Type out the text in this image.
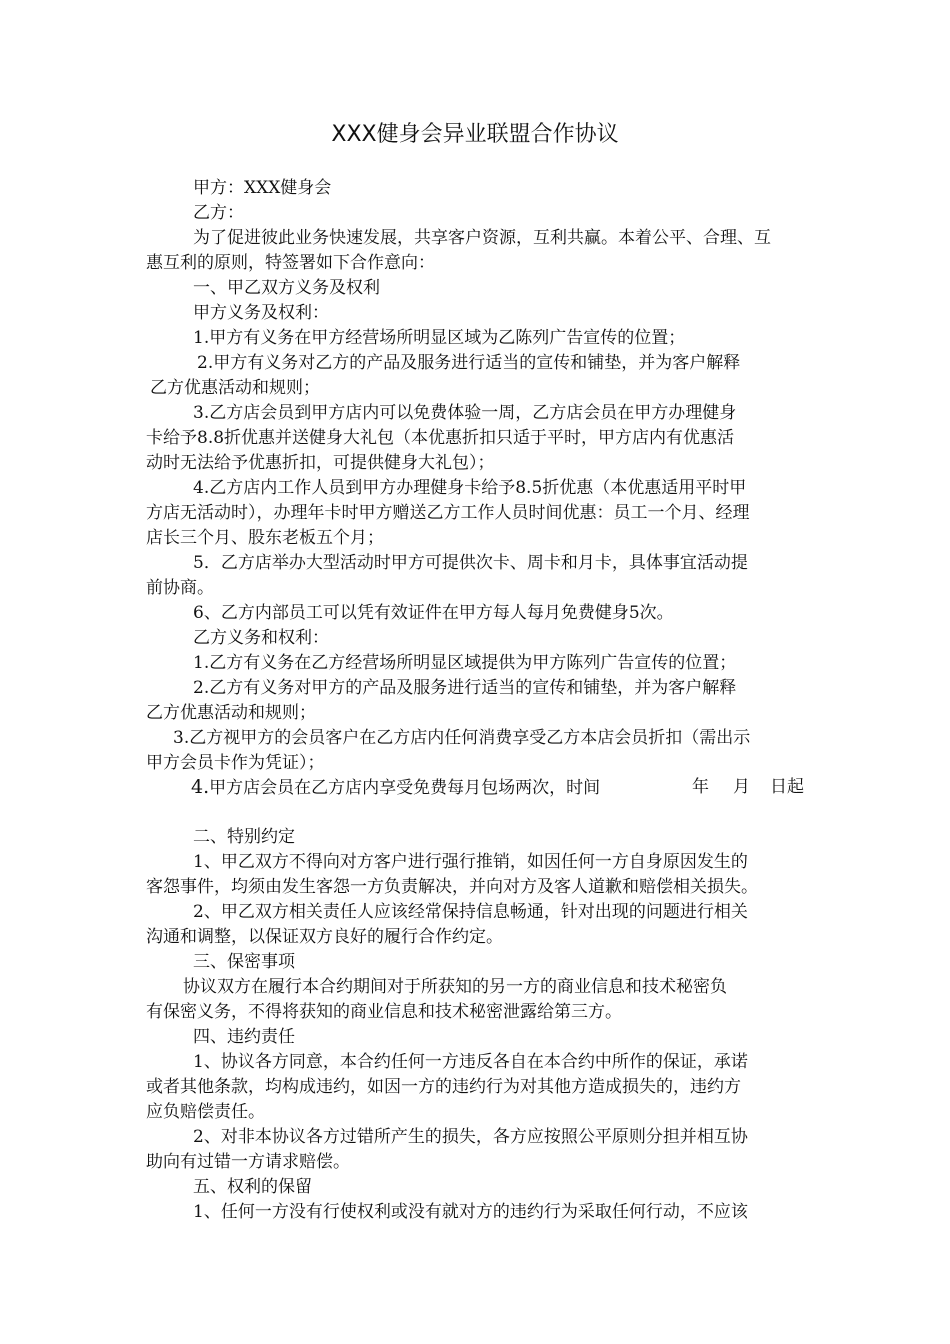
XXX健身会异业联盟合作协议
甲方：XXX健身会
乙方：
为了促进彼此业务快速发展，共享客户资源，互利共赢。本着公平、合理、互
惠互利的原则，特签署如下合作意向：
一、甲乙双方义务及权利
甲方义务及权利：
1.甲方有义务在甲方经营场所明显区域为乙陈列广告宣传的位置；
2.甲方有义务对乙方的产品及服务进行适当的宣传和铺垫，并为客户解释
乙方优惠活动和规则；
3.乙方店会员到甲方店内可以免费体验一周，乙方店会员在甲方办理健身
卡给予8.8折优惠并送健身大礼包（本优惠折扣只适于平时，甲方店内有优惠活
动时无法给予优惠折扣，可提供健身大礼包）；
4.乙方店内工作人员到甲方办理健身卡给予8.5折优惠（本优惠适用平时甲
方店无活动时），办理年卡时甲方赠送乙方工作人员时间优惠：员工一个月、经理
店长三个月、股东老板五个月；
5．乙方店举办大型活动时甲方可提供次卡、周卡和月卡，具体事宜活动提
前协商。
6、乙方内部员工可以凭有效证件在甲方每人每月免费健身5次。
乙方义务和权利：
1.乙方有义务在乙方经营场所明显区域提供为甲方陈列广告宣传的位置；
2.乙方有义务对甲方的产品及服务进行适当的宣传和铺垫，并为客户解释
乙方优惠活动和规则；
3.乙方视甲方的会员客户在乙方店内任何消费享受乙方本店会员折扣（需出示
甲方会员卡作为凭证）；
4.甲方店会员在乙方店内享受免费每月包场两次，时间	年 月 日起
二、特别约定
1、甲乙双方不得向对方客户进行强行推销，如因任何一方自身原因发生的
客怨事件，均须由发生客怨一方负责解决，并向对方及客人道歉和赔偿相关损失。
2、甲乙双方相关责任人应该经常保持信息畅通，针对出现的问题进行相关
沟通和调整，以保证双方良好的履行合作约定。
三、保密事项
协议双方在履行本合约期间对于所获知的另一方的商业信息和技术秘密负
有保密义务，不得将获知的商业信息和技术秘密泄露给第三方。
四、违约责任
1、协议各方同意，本合约任何一方违反各自在本合约中所作的保证，承诺
或者其他条款，均构成违约，如因一方的违约行为对其他方造成损失的，违约方
应负赔偿责任。
2、对非本协议各方过错所产生的损失，各方应按照公平原则分担并相互协
助向有过错一方请求赔偿。
五、权利的保留
1、任何一方没有行使权利或没有就对方的违约行为采取任何行动，不应该
